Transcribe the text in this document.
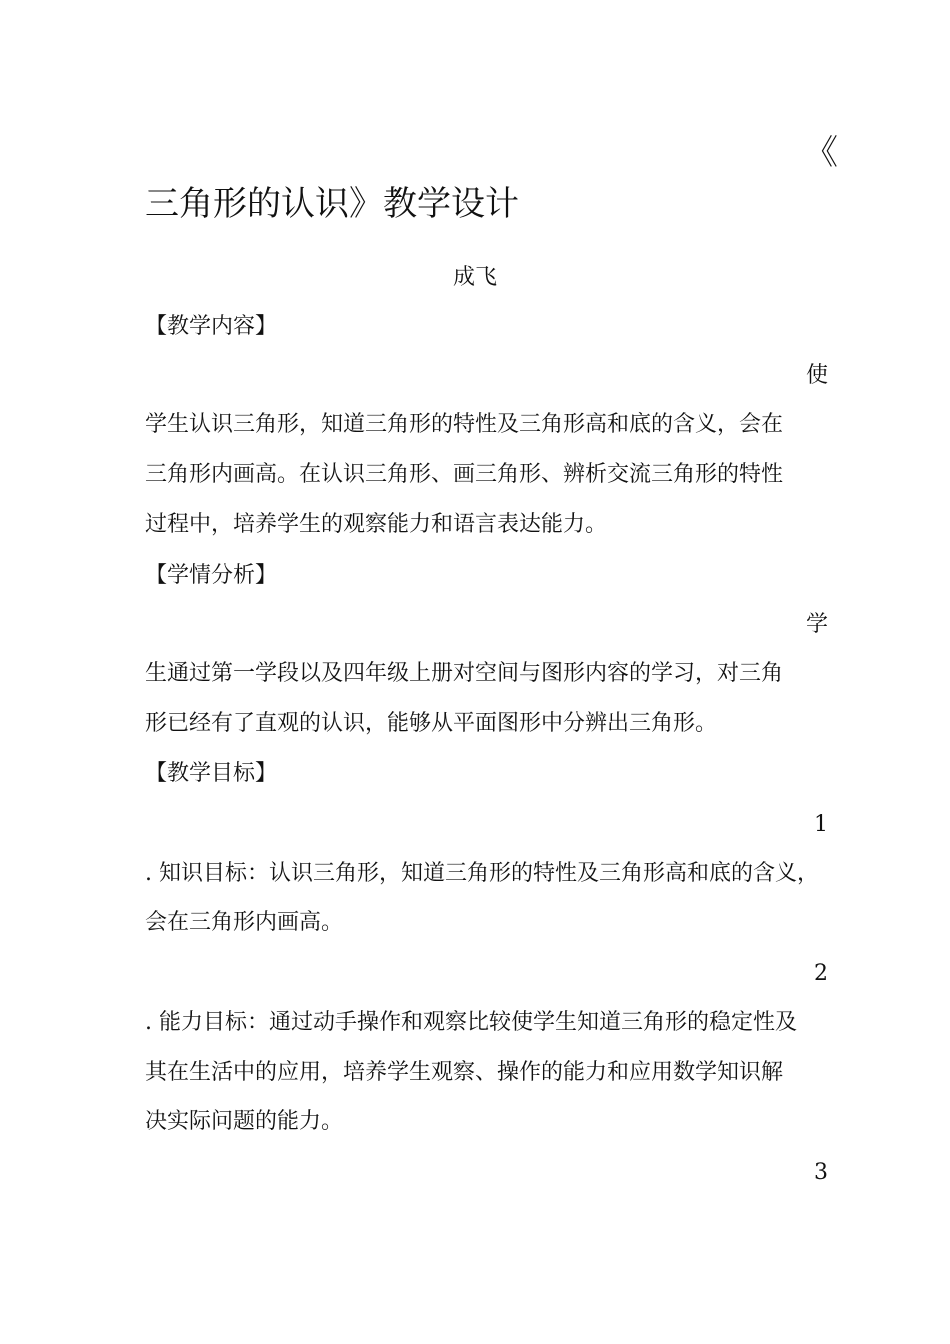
《
三角形的认识》教学设计
成飞
【教学内容】
使
学生认识三角形，知道三角形的特性及三角形高和底的含义，会在
三角形内画高。在认识三角形、画三角形、辨析交流三角形的特性
过程中，培养学生的观察能力和语言表达能力。
【学情分析】
学
生通过第一学段以及四年级上册对空间与图形内容的学习，对三角
形已经有了直观的认识，能够从平面图形中分辨出三角形。
【教学目标】
1
. 知识目标：认识三角形，知道三角形的特性及三角形高和底的含义，
会在三角形内画高。
2
. 能力目标：通过动手操作和观察比较使学生知道三角形的稳定性及
其在生活中的应用，培养学生观察、操作的能力和应用数学知识解
决实际问题的能力。
3
